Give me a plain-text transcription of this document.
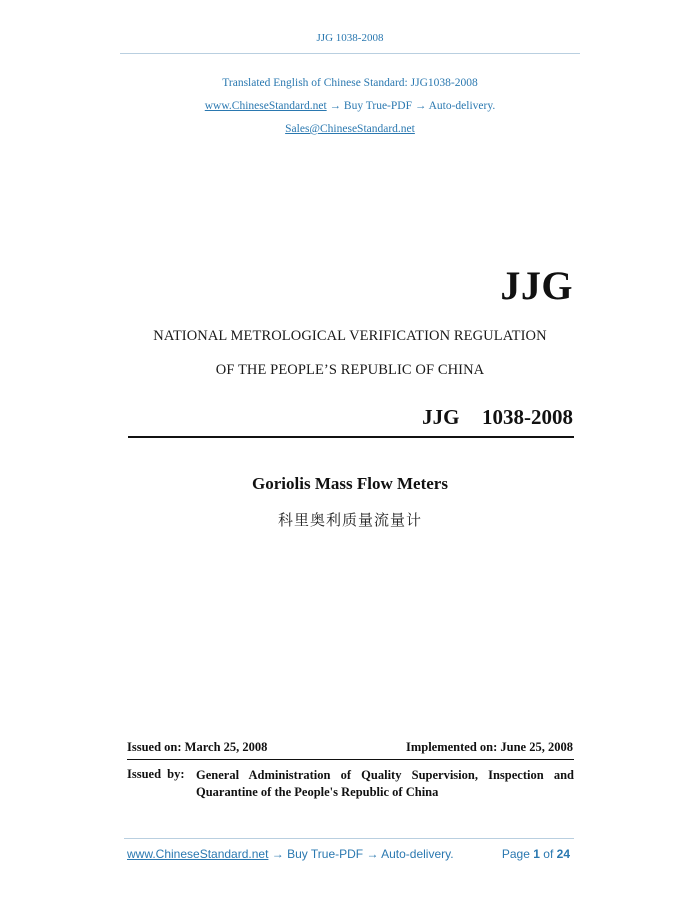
JJG 1038-2008
Translated English of Chinese Standard: JJG1038-2008
www.ChineseStandard.net → Buy True-PDF → Auto-delivery.
Sales@ChineseStandard.net
JJG
NATIONAL METROLOGICAL VERIFICATION REGULATION
OF THE PEOPLE’S REPUBLIC OF CHINA
JJG  1038-2008
Goriolis Mass Flow Meters
科里奥利质量流量计
Issued on: March 25, 2008	Implemented on: June 25, 2008
Issued by: General Administration of Quality Supervision, Inspection and
Quarantine of the People's Republic of China
www.ChineseStandard.net → Buy True-PDF → Auto-delivery.	Page 1 of 24
